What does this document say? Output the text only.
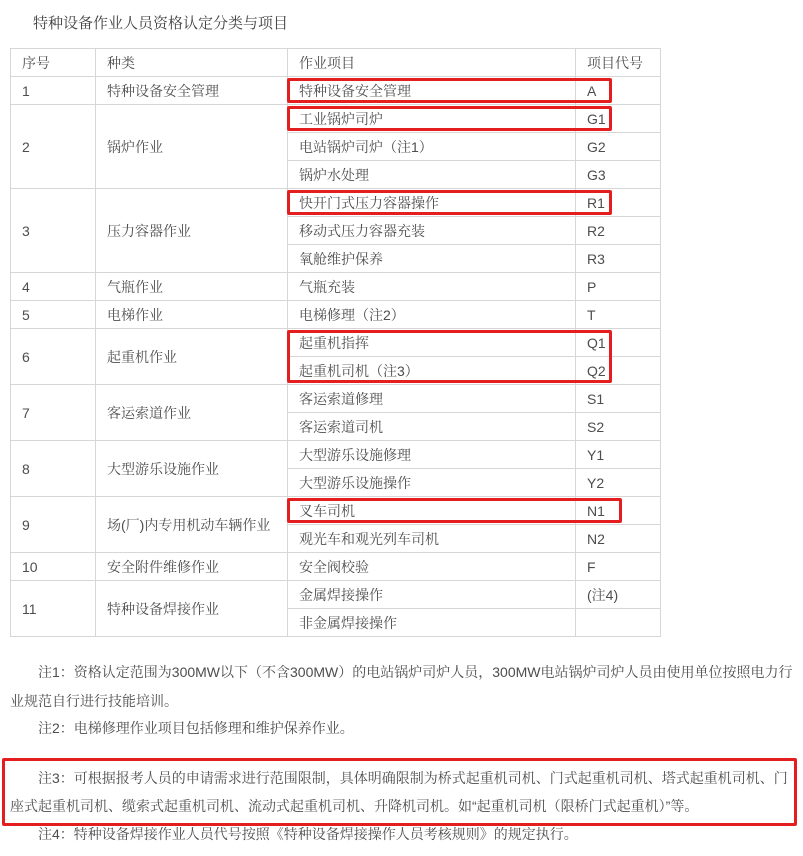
特种设备作业人员资格认定分类与项目
序号	种类	作业项目	项目代号
1	特种设备安全管理	特种设备安全管理	A
2	锅炉作业	工业锅炉司炉	G1
		电站锅炉司炉（注1）	G2
		锅炉水处理	G3
3	压力容器作业	快开门式压力容器操作	R1
		移动式压力容器充装	R2
		氧舱维护保养	R3
4	气瓶作业	气瓶充装	P
5	电梯作业	电梯修理（注2）	T
6	起重机作业	起重机指挥	Q1
		起重机司机（注3）	Q2
7	客运索道作业	客运索道修理	S1
		客运索道司机	S2
8	大型游乐设施作业	大型游乐设施修理	Y1
		大型游乐设施操作	Y2
9	场(厂)内专用机动车辆作业	叉车司机	N1
		观光车和观光列车司机	N2
10	安全附件维修作业	安全阀校验	F
11	特种设备焊接作业	金属焊接操作	(注4)
		非金属焊接操作	
注1：资格认定范围为300MW以下（不含300MW）的电站锅炉司炉人员，300MW电站锅炉司炉人员由使用单位按照电力行业规范自行进行技能培训。
注2：电梯修理作业项目包括修理和维护保养作业。
注3：可根据报考人员的申请需求进行范围限制，具体明确限制为桥式起重机司机、门式起重机司机、塔式起重机司机、门座式起重机司机、缆索式起重机司机、流动式起重机司机、升降机司机。如“起重机司机（限桥门式起重机）”等。
注4：特种设备焊接作业人员代号按照《特种设备焊接操作人员考核规则》的规定执行。
